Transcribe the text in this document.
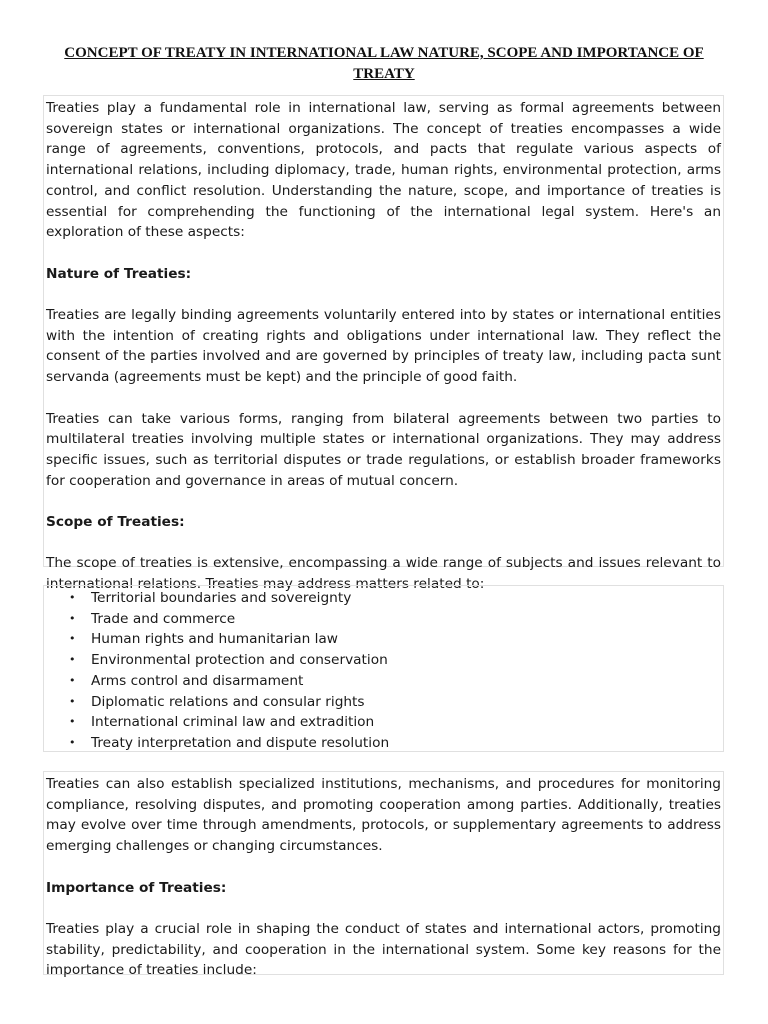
CONCEPT OF TREATY IN INTERNATIONAL LAW NATURE, SCOPE AND IMPORTANCE OF TREATY

Treaties play a fundamental role in international law, serving as formal agreements between sovereign states or international organizations. The concept of treaties encompasses a wide range of agreements, conventions, protocols, and pacts that regulate various aspects of international relations, including diplomacy, trade, human rights, environmental protection, arms control, and conflict resolution. Understanding the nature, scope, and importance of treaties is essential for comprehending the functioning of the international legal system. Here's an exploration of these aspects:

Nature of Treaties:

Treaties are legally binding agreements voluntarily entered into by states or international entities with the intention of creating rights and obligations under international law. They reflect the consent of the parties involved and are governed by principles of treaty law, including pacta sunt servanda (agreements must be kept) and the principle of good faith.

Treaties can take various forms, ranging from bilateral agreements between two parties to multilateral treaties involving multiple states or international organizations. They may address specific issues, such as territorial disputes or trade regulations, or establish broader frameworks for cooperation and governance in areas of mutual concern.

Scope of Treaties:

The scope of treaties is extensive, encompassing a wide range of subjects and issues relevant to international relations. Treaties may address matters related to:

• Territorial boundaries and sovereignty
• Trade and commerce
• Human rights and humanitarian law
• Environmental protection and conservation
• Arms control and disarmament
• Diplomatic relations and consular rights
• International criminal law and extradition
• Treaty interpretation and dispute resolution

Treaties can also establish specialized institutions, mechanisms, and procedures for monitoring compliance, resolving disputes, and promoting cooperation among parties. Additionally, treaties may evolve over time through amendments, protocols, or supplementary agreements to address emerging challenges or changing circumstances.

Importance of Treaties:

Treaties play a crucial role in shaping the conduct of states and international actors, promoting stability, predictability, and cooperation in the international system. Some key reasons for the importance of treaties include:
